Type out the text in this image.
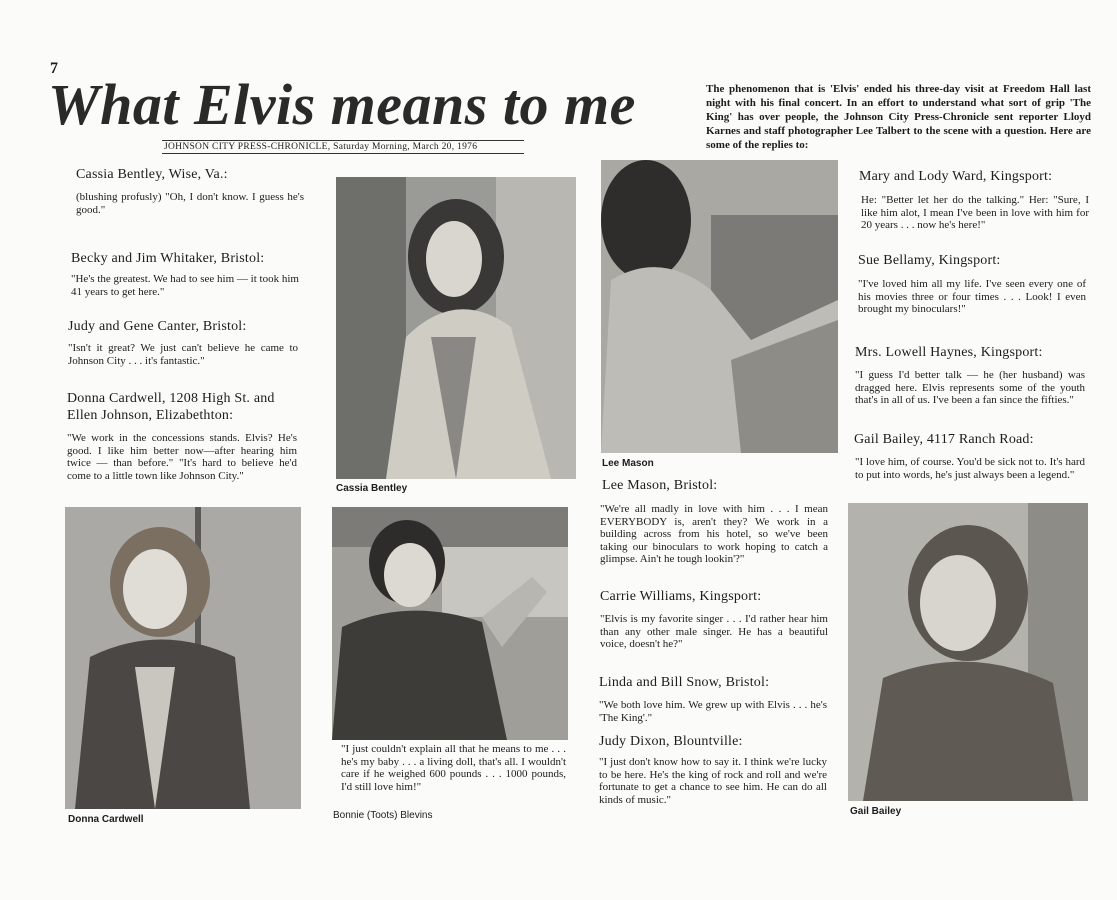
7
What Elvis means to me
JOHNSON CITY PRESS-CHRONICLE, Saturday Morning, March 20, 1976
The phenomenon that is 'Elvis' ended his three-day visit at Freedom Hall last night with his final concert. In an effort to understand what sort of grip 'The King' has over people, the Johnson City Press-Chronicle sent reporter Lloyd Karnes and staff photographer Lee Talbert to the scene with a question. Here are some of the replies to:
Cassia Bentley, Wise, Va.:
(blushing profusly) "Oh, I don't know. I guess he's good."
Becky and Jim Whitaker, Bristol:
"He's the greatest. We had to see him — it took him 41 years to get here."
Judy and Gene Canter, Bristol:
"Isn't it great? We just can't believe he came to Johnson City . . . it's fantastic."
Donna Cardwell, 1208 High St. and Ellen Johnson, Elizabethton:
"We work in the concessions stands. Elvis? He's good. I like him better now—after hearing him twice — than before." "It's hard to believe he'd come to a little town like Johnson City."
Cassia Bentley
Lee Mason
Lee Mason, Bristol:
"We're all madly in love with him . . . I mean EVERYBODY is, aren't they? We work in a building across from his hotel, so we've been taking our binoculars to work hoping to catch a glimpse. Ain't he tough lookin'?"
Carrie Williams, Kingsport:
"Elvis is my favorite singer . . . I'd rather hear him than any other male singer. He has a beautiful voice, doesn't he?"
Linda and Bill Snow, Bristol:
"We both love him. We grew up with Elvis . . . he's 'The King'."
Judy Dixon, Blountville:
"I just don't know how to say it. I think we're lucky to be here. He's the king of rock and roll and we're fortunate to get a chance to see him. He can do all kinds of music."
Mary and Lody Ward, Kingsport:
He: "Better let her do the talking." Her: "Sure, I like him alot, I mean I've been in love with him for 20 years . . . now he's here!"
Sue Bellamy, Kingsport:
"I've loved him all my life. I've seen every one of his movies three or four times . . . Look! I even brought my binoculars!"
Mrs. Lowell Haynes, Kingsport:
"I guess I'd better talk — he (her husband) was dragged here. Elvis represents some of the youth that's in all of us. I've been a fan since the fifties."
Gail Bailey, 4117 Ranch Road:
"I love him, of course. You'd be sick not to. It's hard to put into words, he's just always been a legend."
Donna Cardwell
"I just couldn't explain all that he means to me . . . he's my baby . . . a living doll, that's all. I wouldn't care if he weighed 600 pounds . . . 1000 pounds, I'd still love him!"
Bonnie (Toots) Blevins	Gail Bailey
